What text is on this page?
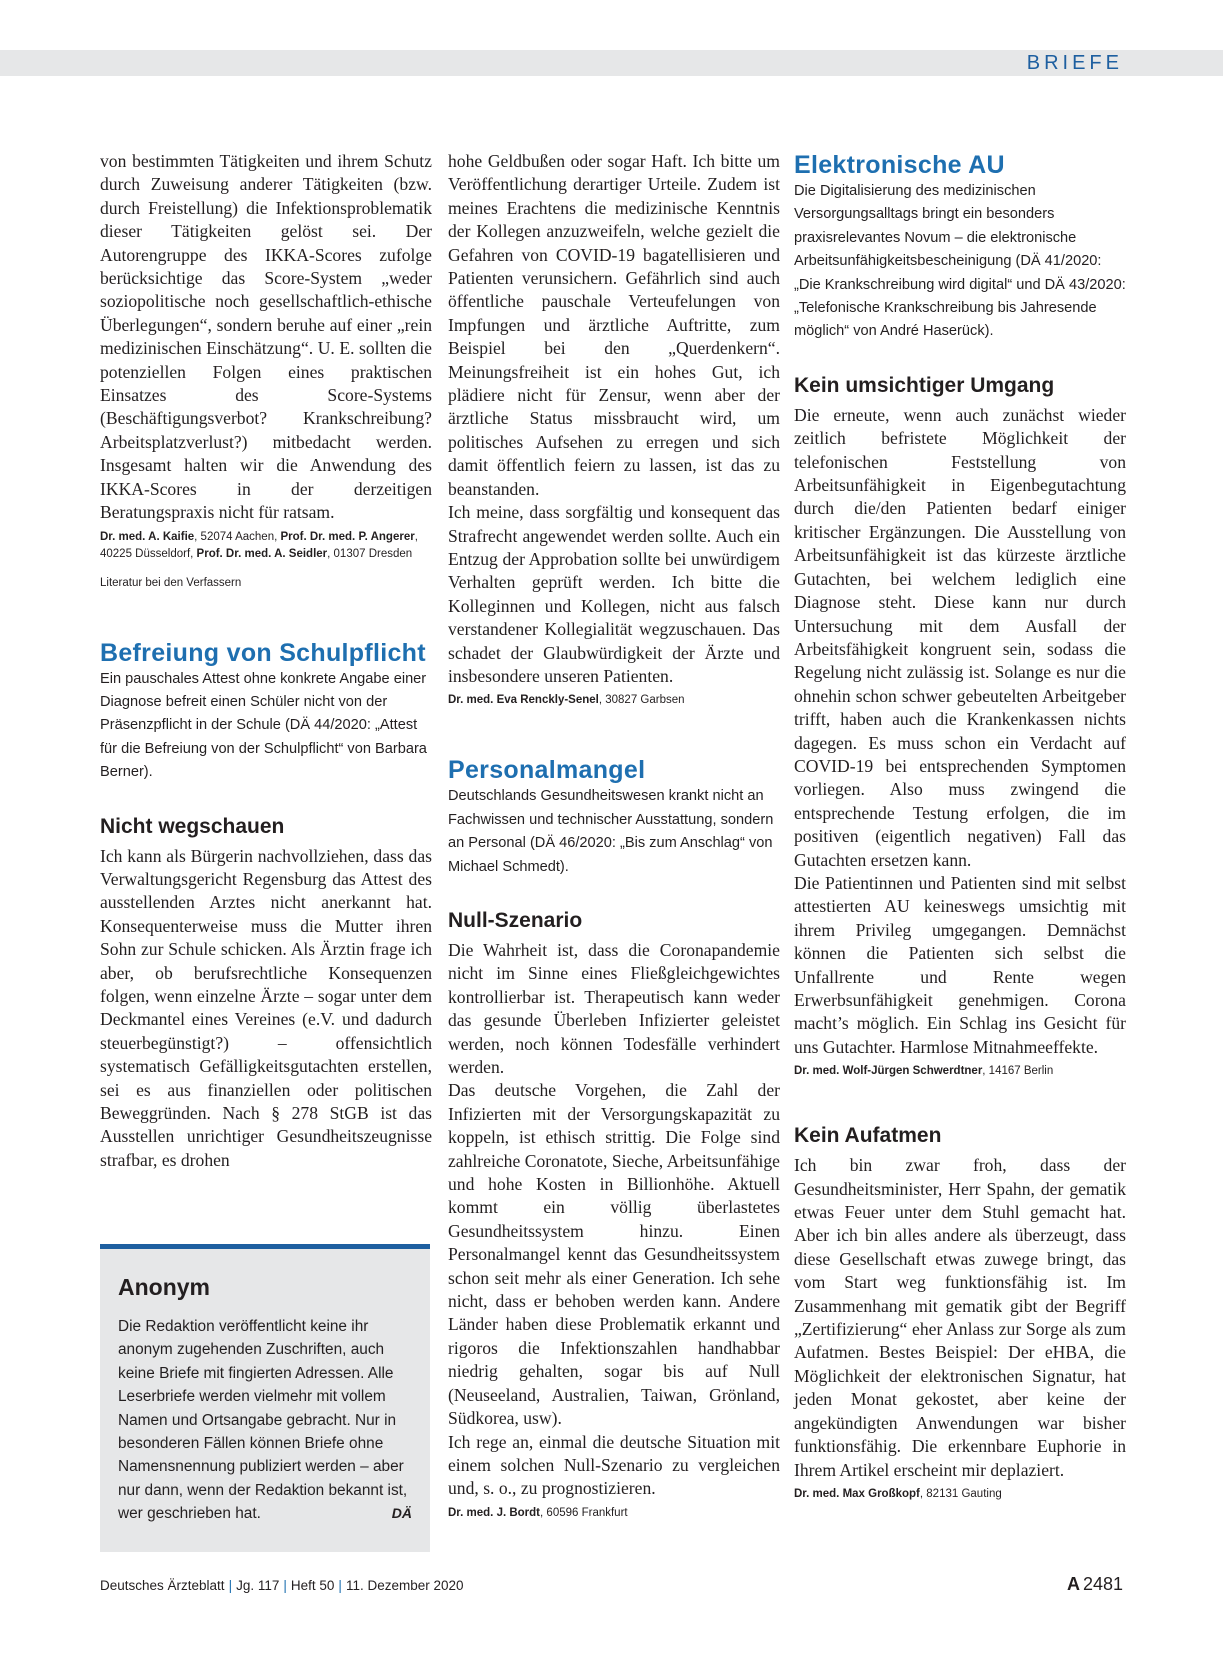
BRIEFE

von bestimmten Tätigkeiten und ihrem Schutz durch Zuweisung anderer Tätigkeiten (bzw. durch Freistellung) die Infektionsproblematik dieser Tätigkeiten gelöst sei. Der Autorengruppe des IKKA-Scores zufolge berücksichtige das Score-System „weder soziopolitische noch gesellschaftlich-ethische Überlegungen“, sondern beruhe auf einer „rein medizinischen Einschätzung“. U. E. sollten die potenziellen Folgen eines praktischen Einsatzes des Score-Systems (Beschäftigungsverbot? Krankschreibung? Arbeitsplatzverlust?) mitbedacht werden. Insgesamt halten wir die Anwendung des IKKA-Scores in der derzeitigen Beratungspraxis nicht für ratsam.

Dr. med. A. Kaifie, 52074 Aachen, Prof. Dr. med. P. Angerer, 40225 Düsseldorf, Prof. Dr. med. A. Seidler, 01307 Dresden

Literatur bei den Verfassern

Befreiung von Schulpflicht

Ein pauschales Attest ohne konkrete Angabe einer Diagnose befreit einen Schüler nicht von der Präsenzpflicht in der Schule (DÄ 44/2020: „Attest für die Befreiung von der Schulpflicht“ von Barbara Berner).

Nicht wegschauen

Ich kann als Bürgerin nachvollziehen, dass das Verwaltungsgericht Regensburg das Attest des ausstellenden Arztes nicht anerkannt hat. Konsequenterweise muss die Mutter ihren Sohn zur Schule schicken. Als Ärztin frage ich aber, ob berufsrechtliche Konsequenzen folgen, wenn einzelne Ärzte – sogar unter dem Deckmantel eines Vereines (e.V. und dadurch steuerbegünstigt?) – offensichtlich systematisch Gefälligkeitsgutachten erstellen, sei es aus finanziellen oder politischen Beweggründen. Nach § 278 StGB ist das Ausstellen unrichtiger Gesundheitszeugnisse strafbar, es drohen

Anonym

Die Redaktion veröffentlicht keine ihr anonym zugehenden Zuschriften, auch keine Briefe mit fingierten Adressen. Alle Leserbriefe werden vielmehr mit vollem Namen und Ortsangabe gebracht. Nur in besonderen Fällen können Briefe ohne Namensnennung publiziert werden – aber nur dann, wenn der Redaktion bekannt ist, wer geschrieben hat.	DÄ

hohe Geldbußen oder sogar Haft. Ich bitte um Veröffentlichung derartiger Urteile. Zudem ist meines Erachtens die medizinische Kenntnis der Kollegen anzuzweifeln, welche gezielt die Gefahren von COVID-19 bagatellisieren und Patienten verunsichern. Gefährlich sind auch öffentliche pauschale Verteufelungen von Impfungen und ärztliche Auftritte, zum Beispiel bei den „Querdenkern“. Meinungsfreiheit ist ein hohes Gut, ich plädiere nicht für Zensur, wenn aber der ärztliche Status missbraucht wird, um politisches Aufsehen zu erregen und sich damit öffentlich feiern zu lassen, ist das zu beanstanden.

Ich meine, dass sorgfältig und konsequent das Strafrecht angewendet werden sollte. Auch ein Entzug der Approbation sollte bei unwürdigem Verhalten geprüft werden. Ich bitte die Kolleginnen und Kollegen, nicht aus falsch verstandener Kollegialität wegzuschauen. Das schadet der Glaubwürdigkeit der Ärzte und insbesondere unseren Patienten.

Dr. med. Eva Renckly-Senel, 30827 Garbsen

Personalmangel

Deutschlands Gesundheitswesen krankt nicht an Fachwissen und technischer Ausstattung, sondern an Personal (DÄ 46/2020: „Bis zum Anschlag“ von Michael Schmedt).

Null-Szenario

Die Wahrheit ist, dass die Coronapandemie nicht im Sinne eines Fließgleichgewichtes kontrollierbar ist. Therapeutisch kann weder das gesunde Überleben Infizierter geleistet werden, noch können Todesfälle verhindert werden.

Das deutsche Vorgehen, die Zahl der Infizierten mit der Versorgungskapazität zu koppeln, ist ethisch strittig. Die Folge sind zahlreiche Coronatote, Sieche, Arbeitsunfähige und hohe Kosten in Billionhöhe. Aktuell kommt ein völlig überlastetes Gesundheitssystem hinzu. Einen Personalmangel kennt das Gesundheitssystem schon seit mehr als einer Generation. Ich sehe nicht, dass er behoben werden kann. Andere Länder haben diese Problematik erkannt und rigoros die Infektionszahlen handhabbar niedrig gehalten, sogar bis auf Null (Neuseeland, Australien, Taiwan, Grönland, Südkorea, usw).

Ich rege an, einmal die deutsche Situation mit einem solchen Null-Szenario zu vergleichen und, s. o., zu prognostizieren.

Dr. med. J. Bordt, 60596 Frankfurt

Elektronische AU

Die Digitalisierung des medizinischen Versorgungsalltags bringt ein besonders praxisrelevantes Novum – die elektronische Arbeitsunfähigkeitsbescheinigung (DÄ 41/2020: „Die Krankschreibung wird digital“ und DÄ 43/2020: „Telefonische Krankschreibung bis Jahresende möglich“ von André Haserück).

Kein umsichtiger Umgang

Die erneute, wenn auch zunächst wieder zeitlich befristete Möglichkeit der telefonischen Feststellung von Arbeitsunfähigkeit in Eigenbegutachtung durch die/den Patienten bedarf einiger kritischer Ergänzungen. Die Ausstellung von Arbeitsunfähigkeit ist das kürzeste ärztliche Gutachten, bei welchem lediglich eine Diagnose steht. Diese kann nur durch Untersuchung mit dem Ausfall der Arbeitsfähigkeit kongruent sein, sodass die Regelung nicht zulässig ist. Solange es nur die ohnehin schon schwer gebeutelten Arbeitgeber trifft, haben auch die Krankenkassen nichts dagegen. Es muss schon ein Verdacht auf COVID-19 bei entsprechenden Symptomen vorliegen. Also muss zwingend die entsprechende Testung erfolgen, die im positiven (eigentlich negativen) Fall das Gutachten ersetzen kann.

Die Patientinnen und Patienten sind mit selbst attestierten AU keineswegs umsichtig mit ihrem Privileg umgegangen. Demnächst können die Patienten sich selbst die Unfallrente und Rente wegen Erwerbsunfähigkeit genehmigen. Corona macht’s möglich. Ein Schlag ins Gesicht für uns Gutachter. Harmlose Mitnahmeeffekte.

Dr. med. Wolf-Jürgen Schwerdtner, 14167 Berlin

Kein Aufatmen

Ich bin zwar froh, dass der Gesundheitsminister, Herr Spahn, der gematik etwas Feuer unter dem Stuhl gemacht hat. Aber ich bin alles andere als überzeugt, dass diese Gesellschaft etwas zuwege bringt, das vom Start weg funktionsfähig ist. Im Zusammenhang mit gematik gibt der Begriff „Zertifizierung“ eher Anlass zur Sorge als zum Aufatmen. Bestes Beispiel: Der eHBA, die Möglichkeit der elektronischen Signatur, hat jeden Monat gekostet, aber keine der angekündigten Anwendungen war bisher funktionsfähig. Die erkennbare Euphorie in Ihrem Artikel erscheint mir deplaziert.

Dr. med. Max Großkopf, 82131 Gauting

Deutsches Ärzteblatt | Jg. 117 | Heft 50 | 11. Dezember 2020	A 2481
